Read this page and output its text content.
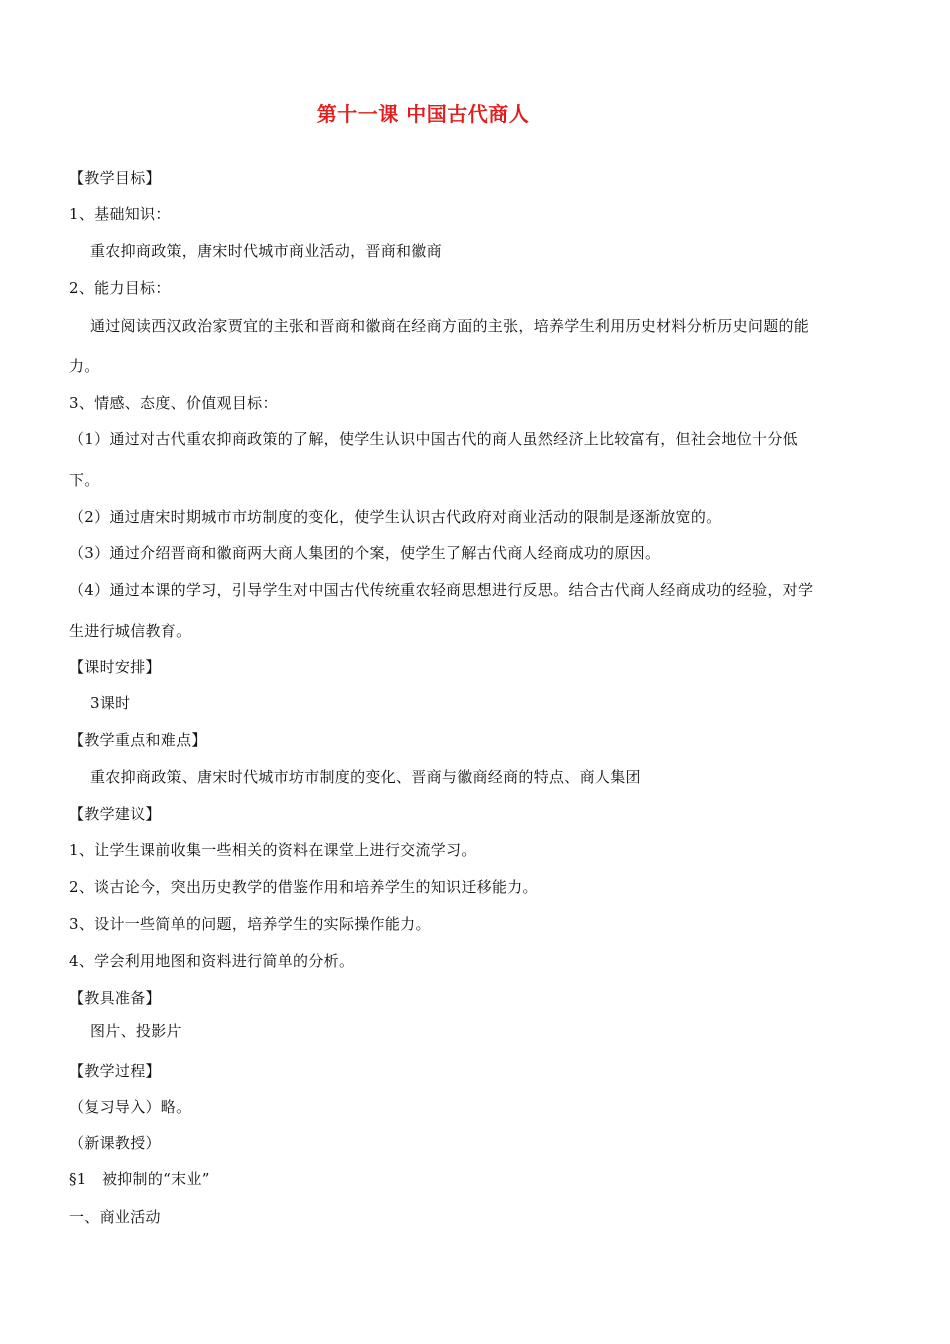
第十一课 中国古代商人
【教学目标】
1、基础知识：
重农抑商政策，唐宋时代城市商业活动，晋商和徽商
2、能力目标：
通过阅读西汉政治家贾宜的主张和晋商和徽商在经商方面的主张，培养学生利用历史材料分析历史问题的能
力。
3、情感、态度、价值观目标：
（1）通过对古代重农抑商政策的了解，使学生认识中国古代的商人虽然经济上比较富有，但社会地位十分低
下。
（2）通过唐宋时期城市市坊制度的变化，使学生认识古代政府对商业活动的限制是逐渐放宽的。
（3）通过介绍晋商和徽商两大商人集团的个案，使学生了解古代商人经商成功的原因。
（4）通过本课的学习，引导学生对中国古代传统重农轻商思想进行反思。结合古代商人经商成功的经验，对学
生进行城信教育。
【课时安排】
3课时
【教学重点和难点】
重农抑商政策、唐宋时代城市坊市制度的变化、晋商与徽商经商的特点、商人集团
【教学建议】
1、让学生课前收集一些相关的资料在课堂上进行交流学习。
2、谈古论今，突出历史教学的借鉴作用和培养学生的知识迁移能力。
3、设计一些简单的问题，培养学生的实际操作能力。
4、学会利用地图和资料进行简单的分析。
【教具准备】
图片、投影片
【教学过程】
（复习导入）略。
（新课教授）
§1　被抑制的“末业”
一、商业活动
